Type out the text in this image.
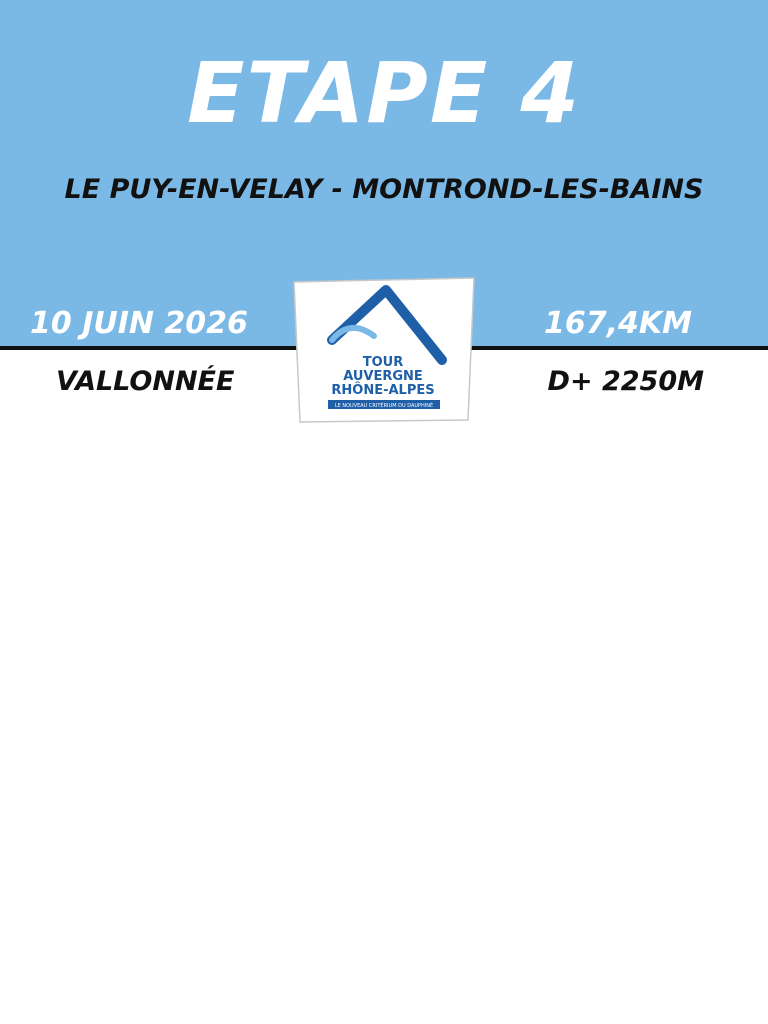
ETAPE 4
LE PUY-EN-VELAY - MONTROND-LES-BAINS
10 JUIN 2026	167,4KM
VALLONNÉE	D+ 2250M
TOUR
AUVERGNE
RHÔNE-ALPES
LE NOUVEAU CRITÉRIUM DU DAUPHINÉ
